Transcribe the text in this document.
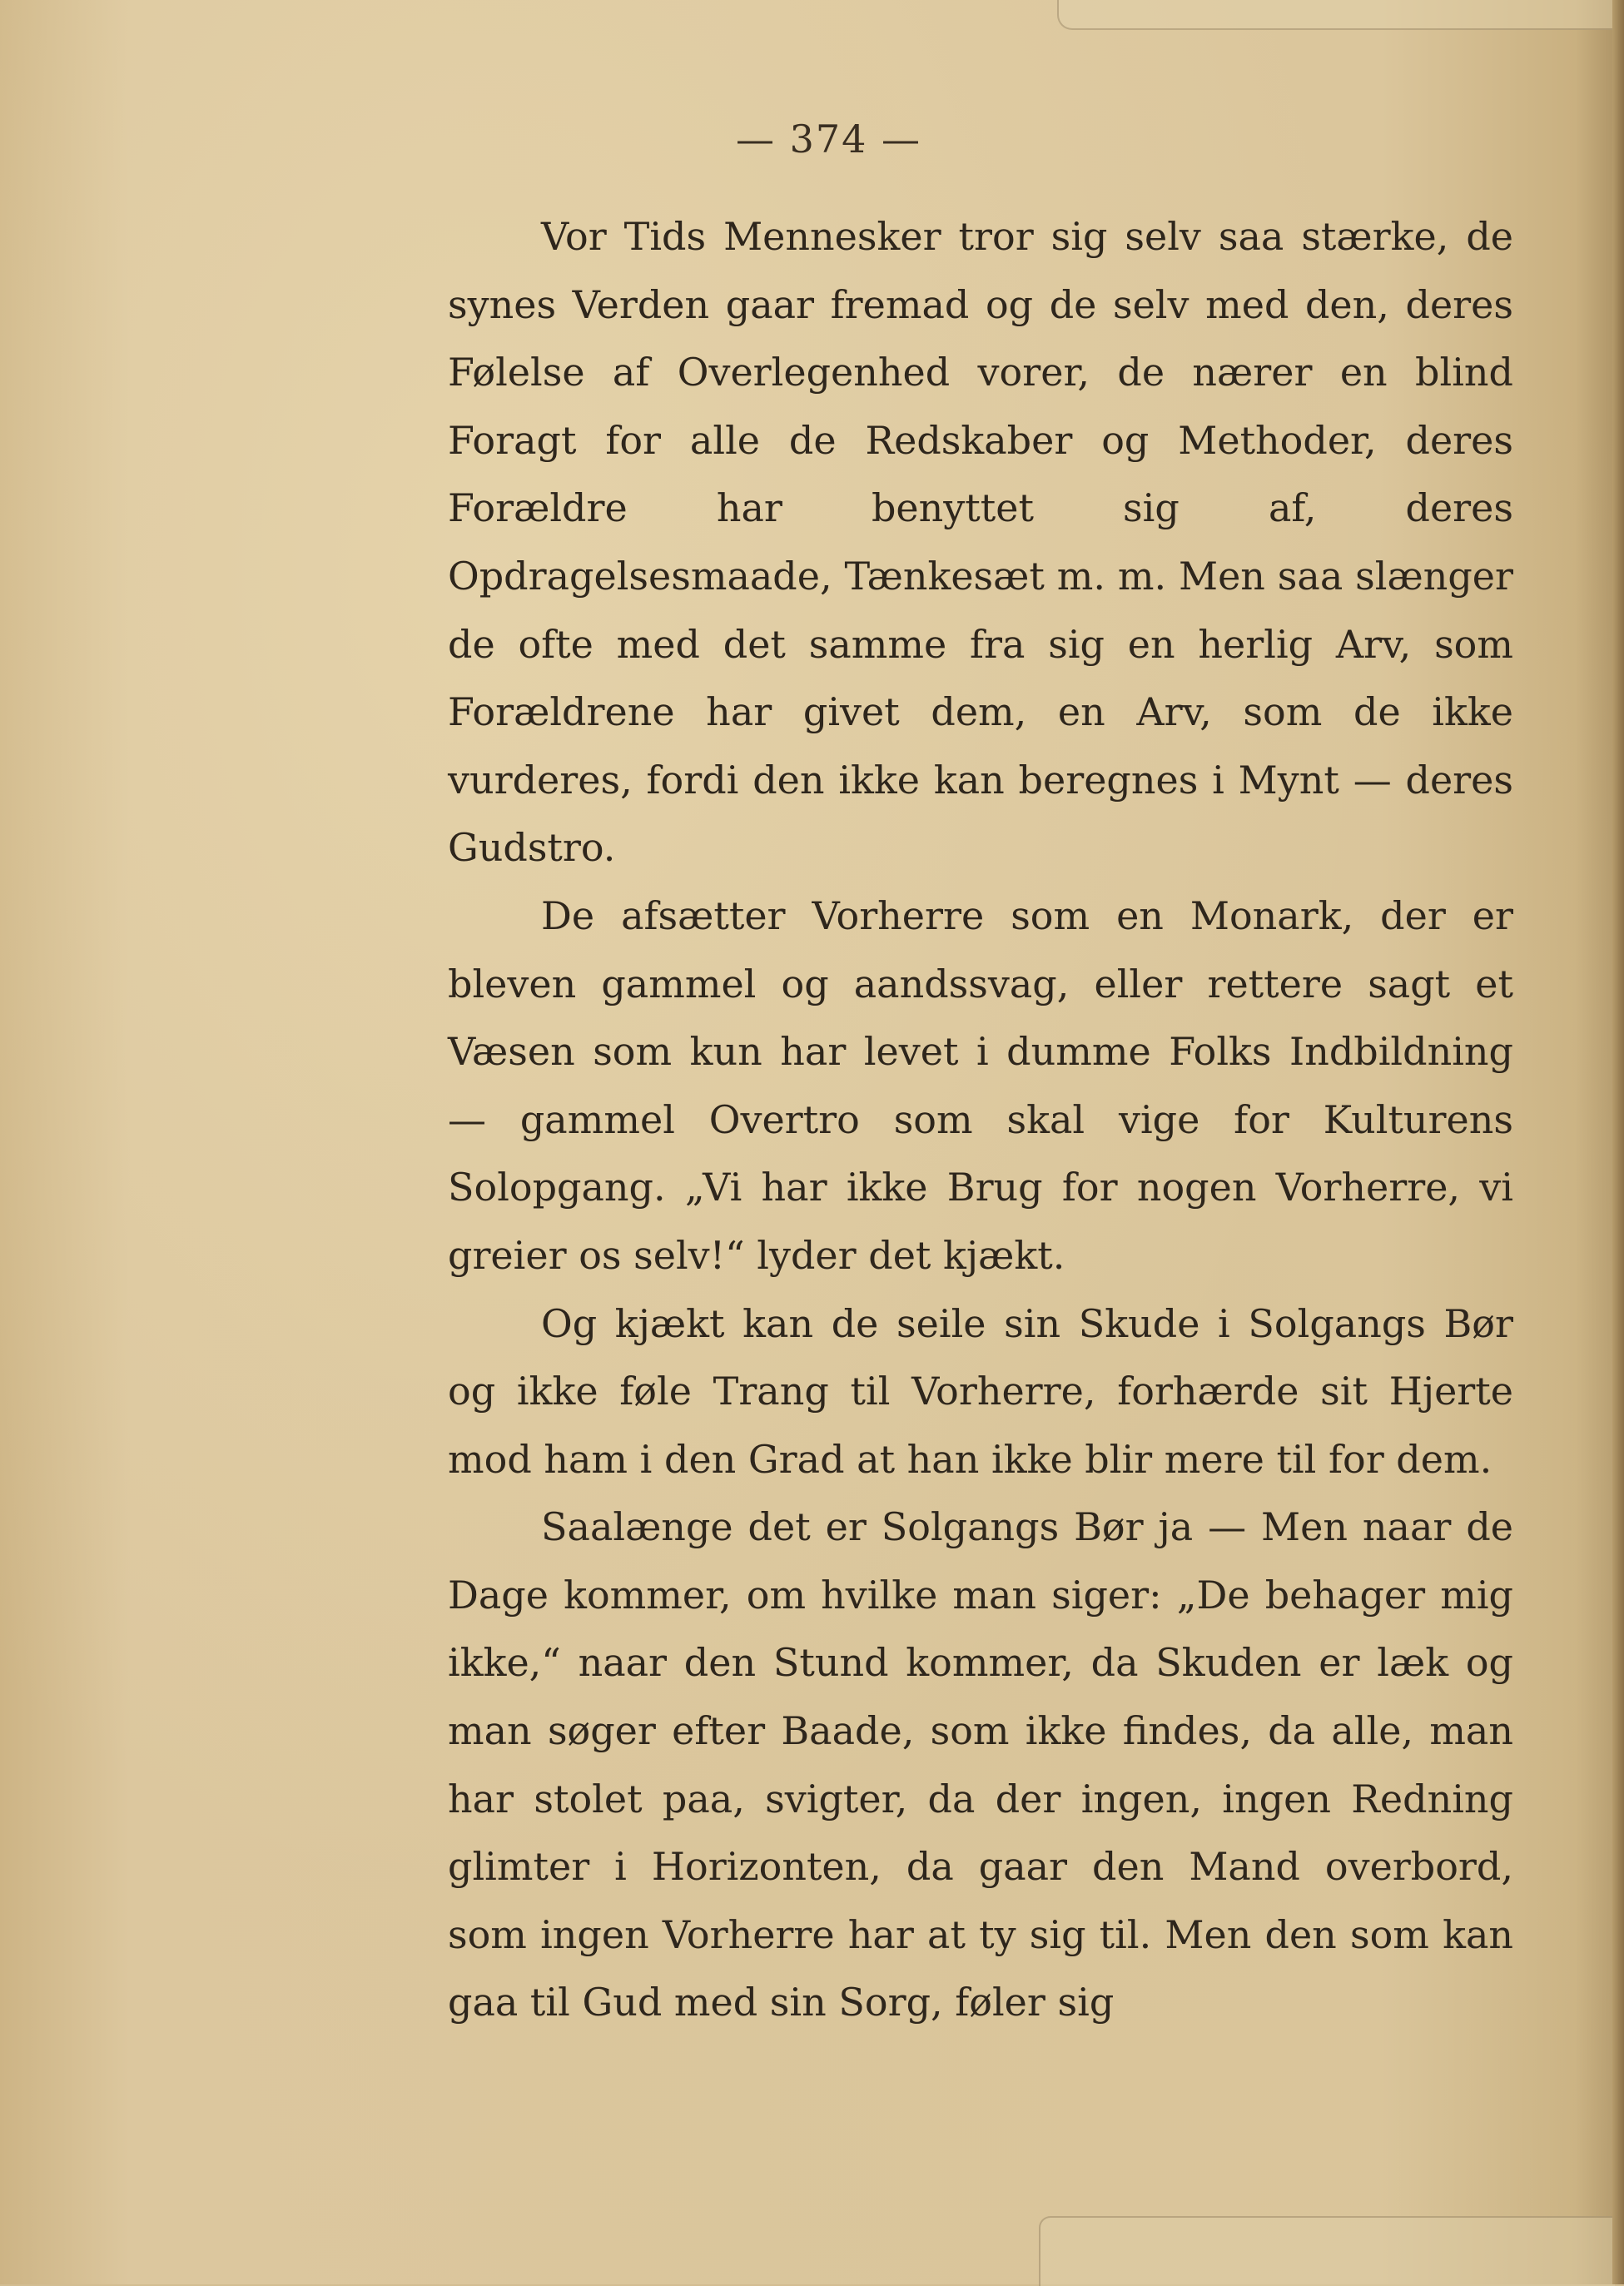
— 374 —

Vor Tids Mennesker tror sig selv saa stærke, de synes Verden gaar fremad og de selv med den, deres Følelse af Overlegenhed vorer, de nærer en blind Foragt for alle de Redskaber og Methoder, deres Forældre har benyttet sig af, deres Opdragelsesmaade, Tænkesæt m. m. Men saa slænger de ofte med det samme fra sig en herlig Arv, som Forældrene har givet dem, en Arv, som de ikke vurderes, fordi den ikke kan beregnes i Mynt — deres Gudstro.

De afsætter Vorherre som en Monark, der er bleven gammel og aandssvag, eller rettere sagt et Væsen som kun har levet i dumme Folks Indbildning — gammel Overtro som skal vige for Kulturens Solopgang. „Vi har ikke Brug for nogen Vorherre, vi greier os selv!“ lyder det kjækt.

Og kjækt kan de seile sin Skude i Solgangs Bør og ikke føle Trang til Vorherre, forhærde sit Hjerte mod ham i den Grad at han ikke blir mere til for dem.

Saalænge det er Solgangs Bør ja — Men naar de Dage kommer, om hvilke man siger: „De behager mig ikke,“ naar den Stund kommer, da Skuden er læk og man søger efter Baade, som ikke findes, da alle, man har stolet paa, svigter, da der ingen, ingen Redning glimter i Horizonten, da gaar den Mand overbord, som ingen Vorherre har at ty sig til. Men den som kan gaa til Gud med sin Sorg, føler sig
